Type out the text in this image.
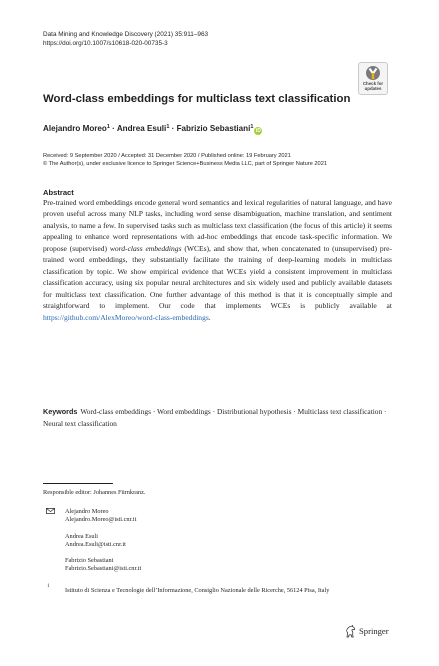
Data Mining and Knowledge Discovery (2021) 35:911–963
https://doi.org/10.1007/s10618-020-00735-3
Check for
updates
Word-class embeddings for multiclass text classification
Alejandro Moreo$^1$ · Andrea Esuli$^1$ · Fabrizio Sebastiani$^1$iD
Received: 9 September 2020 / Accepted: 31 December 2020 / Published online: 19 February 2021
© The Author(s), under exclusive licence to Springer Science+Business Media LLC, part of Springer Nature 2021
Abstract
Pre-trained word embeddings encode general word semantics and lexical regularities of natural language, and have proven useful across many NLP tasks, including word sense disambiguation, machine translation, and sentiment analysis, to name a few. In supervised tasks such as multiclass text classification (the focus of this article) it seems appealing to enhance word representations with ad-hoc embeddings that encode task-specific information. We propose (supervised) word-class embeddings (WCEs), and show that, when concatenated to (unsupervised) pre-trained word embeddings, they substantially facilitate the training of deep-learning models in multiclass classification by topic. We show empirical evidence that WCEs yield a consistent improvement in multiclass classification accuracy, using six popular neural architectures and six widely used and publicly available datasets for multiclass text classification. One further advantage of this method is that it is conceptually simple and straightforward to implement. Our code that implements WCEs is publicly available at https://github.com/AlexMoreo/word-class-embeddings.
Keywords Word-class embeddings · Word embeddings · Distributional hypothesis · Multiclass text classification · Neural text classification
Responsible editor: Johannes Fürnkranz.
Alejandro Moreo
Alejandro.Moreo@isti.cnr.it
Andrea Esuli
Andrea.Esuli@isti.cnr.it
Fabrizio Sebastiani
Fabrizio.Sebastiani@isti.cnr.it
1
Istituto di Scienza e Tecnologie dell’Informazione, Consiglio Nazionale delle Ricerche, 56124 Pisa, Italy
Springer
